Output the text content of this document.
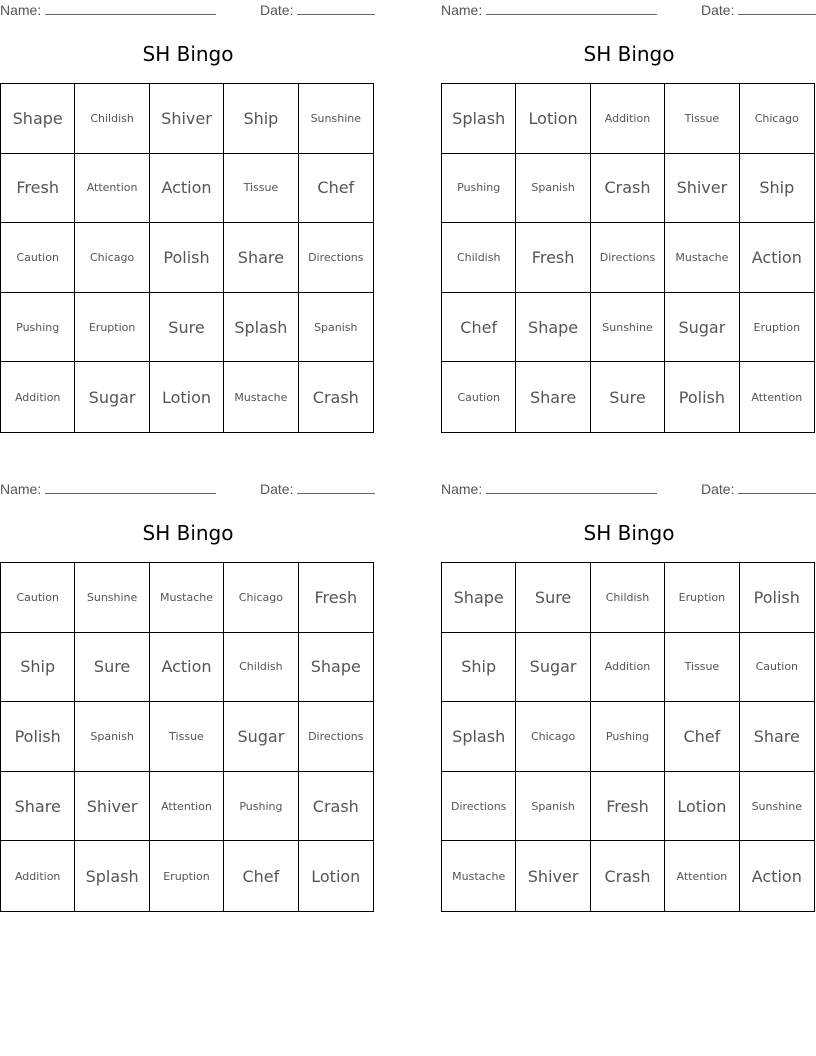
Name:	Date:
SH Bingo
Shape	Childish	Shiver	Ship	Sunshine
Fresh	Attention	Action	Tissue	Chef
Caution	Chicago	Polish	Share	Directions
Pushing	Eruption	Sure	Splash	Spanish
Addition	Sugar	Lotion	Mustache	Crash
Name:	Date:
SH Bingo
Splash	Lotion	Addition	Tissue	Chicago
Pushing	Spanish	Crash	Shiver	Ship
Childish	Fresh	Directions	Mustache	Action
Chef	Shape	Sunshine	Sugar	Eruption
Caution	Share	Sure	Polish	Attention
Name:	Date:
SH Bingo
Caution	Sunshine	Mustache	Chicago	Fresh
Ship	Sure	Action	Childish	Shape
Polish	Spanish	Tissue	Sugar	Directions
Share	Shiver	Attention	Pushing	Crash
Addition	Splash	Eruption	Chef	Lotion
Name:	Date:
SH Bingo
Shape	Sure	Childish	Eruption	Polish
Ship	Sugar	Addition	Tissue	Caution
Splash	Chicago	Pushing	Chef	Share
Directions	Spanish	Fresh	Lotion	Sunshine
Mustache	Shiver	Crash	Attention	Action
